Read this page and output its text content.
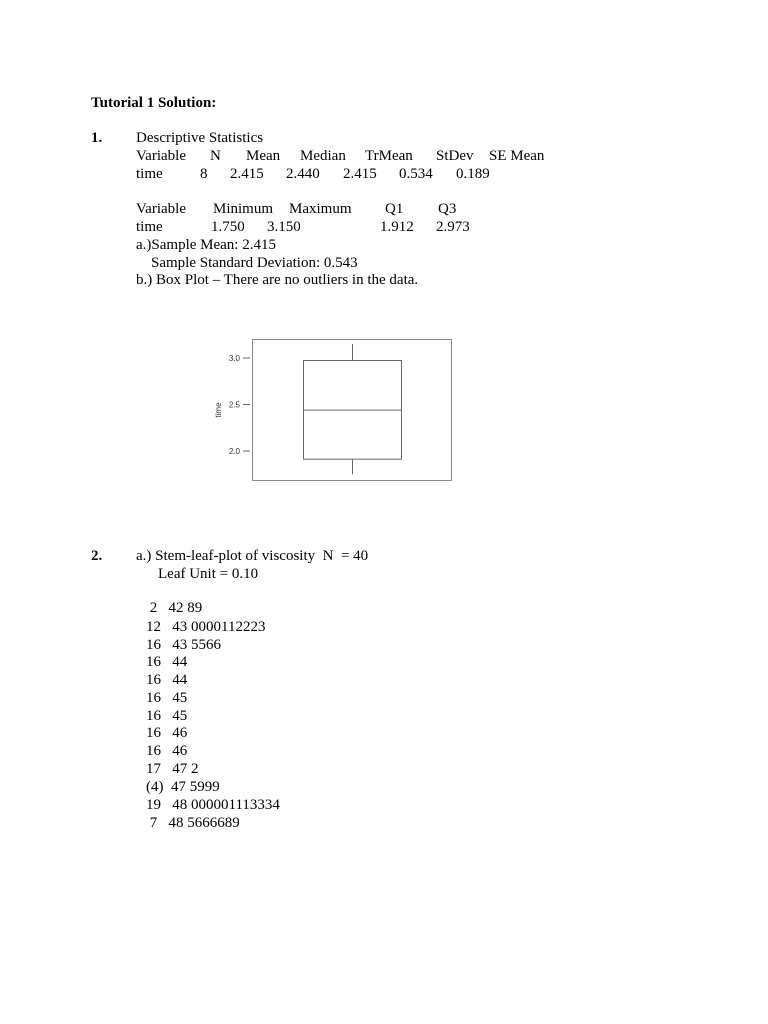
Tutorial 1 Solution:
1. Descriptive Statistics
Variable N Mean Median TrMean StDev SE Mean
time 8 2.415 2.440 2.415 0.534 0.189
Variable Minimum Maximum Q1 Q3
time	1.750 3.150	1.912 2.973
a.)Sample Mean: 2.415
Sample Standard Deviation: 0.543
b.) Box Plot – There are no outliers in the data.
3.0
2.5
2.0
time
2. a.) Stem-leaf-plot of viscosity  N  = 40
Leaf Unit = 0.10
2   42 89
12   43 0000112223
16   43 5566
16   44
16   44
16   45
16   45
16   46
16   46
17   47 2
(4)  47 5999
19   48 000001113334
7   48 5666689
